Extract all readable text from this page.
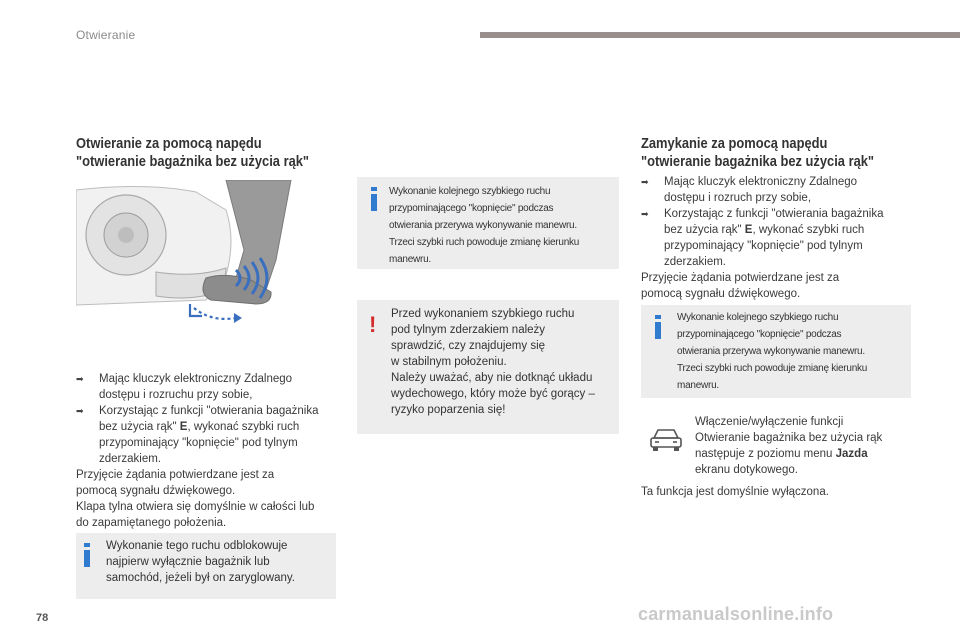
Otwieranie
Otwieranie za pomocą napędu
"otwieranie bagażnika bez użycia rąk"
➡ Mając kluczyk elektroniczny Zdalnego
dostępu i rozruchu przy sobie,
➡ Korzystając z funkcji "otwierania bagażnika
bez użycia rąk" E, wykonać szybki ruch
przypominający "kopnięcie" pod tylnym
zderzakiem.

Przyjęcie żądania potwierdzane jest za
pomocą sygnału dźwiękowego.
Klapa tylna otwiera się domyślnie w całości lub
do zapamiętanego położenia.

Wykonanie tego ruchu odblokowuje
najpierw wyłącznie bagażnik lub
samochód, jeżeli był on zaryglowany.
Wykonanie kolejnego szybkiego ruchu
przypominającego "kopnięcie" podczas
otwierania przerywa wykonywanie manewru.
Trzeci szybki ruch powoduje zmianę kierunku
manewru.
! Przed wykonaniem szybkiego ruchu
pod tylnym zderzakiem należy
sprawdzić, czy znajdujemy się
w stabilnym położeniu.
Należy uważać, aby nie dotknąć układu
wydechowego, który może być gorący –
ryzyko poparzenia się!
Zamykanie za pomocą napędu
"otwieranie bagażnika bez użycia rąk"
➡ Mając kluczyk elektroniczny Zdalnego
dostępu i rozruch przy sobie,
➡ Korzystając z funkcji "otwierania bagażnika
bez użycia rąk" E, wykonać szybki ruch
przypominający "kopnięcie" pod tylnym
zderzakiem.

Przyjęcie żądania potwierdzane jest za
pomocą sygnału dźwiękowego.

Wykonanie kolejnego szybkiego ruchu
przypominającego "kopnięcie" podczas
otwierania przerywa wykonywanie manewru.
Trzeci szybki ruch powoduje zmianę kierunku
manewru.
Włączenie/wyłączenie funkcji
Otwieranie bagażnika bez użycia rąk
następuje z poziomu menu Jazda
ekranu dotykowego.
Ta funkcja jest domyślnie wyłączona.
78	carmanualsonline.info
